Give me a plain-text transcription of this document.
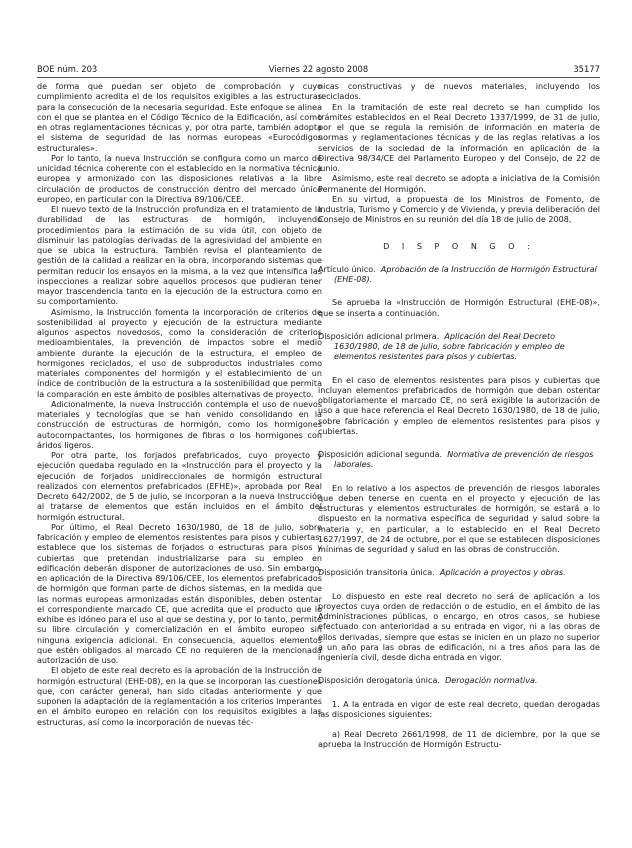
BOE núm. 203	Viernes 22 agosto 2008	35177

de forma que puedan ser objeto de comprobación y cuyo cumplimiento acredita el de los requisitos exigibles a las estructuras para la consecución de la necesaria seguridad. Este enfoque se alinea con el que se plantea en el Código Técnico de la Edificación, así como en otras reglamentaciones técnicas y, por otra parte, también adopta el sistema de seguridad de las normas europeas «Eurocódigos estructurales».

Por lo tanto, la nueva Instrucción se configura como un marco de unicidad técnica coherente con el establecido en la normativa técnica europea y armonizado con las disposiciones relativas a la libre circulación de productos de construcción dentro del mercado único europeo, en particular con la Directiva 89/106/CEE.

El nuevo texto de la Instrucción profundiza en el tratamiento de la durabilidad de las estructuras de hormigón, incluyendo procedimientos para la estimación de su vida útil, con objeto de disminuir las patologías derivadas de la agresividad del ambiente en que se ubica la estructura. También revisa el planteamiento de gestión de la calidad a realizar en la obra, incorporando sistemas que permitan reducir los ensayos en la misma, a la vez que intensifica las inspecciones a realizar sobre aquellos procesos que pudieran tener mayor trascendencia tanto en la ejecución de la estructura como en su comportamiento.

Asimismo, la Instrucción fomenta la incorporación de criterios de sostenibilidad al proyecto y ejecución de la estructura mediante algunos aspectos novedosos, como la consideración de criterios medioambientales, la prevención de impactos sobre el medio ambiente durante la ejecución de la estructura, el empleo de hormigones reciclados, el uso de subproductos industriales como materiales componentes del hormigón y el establecimiento de un índice de contribución de la estructura a la sostenibilidad que permita la comparación en este ámbito de posibles alternativas de proyecto.

Adicionalmente, la nueva Instrucción contempla el uso de nuevos materiales y tecnologías que se han venido consolidando en la construcción de estructuras de hormigón, como los hormigones autocompactantes, los hormigones de fibras o los hormigones con áridos ligeros.

Por otra parte, los forjados prefabricados, cuyo proyecto y ejecución quedaba regulado en la «Instrucción para el proyecto y la ejecución de forjados unidireccionales de hormigón estructural realizados con elementos prefabricados (EFHE)», aprobada por Real Decreto 642/2002, de 5 de julio, se incorporan a la nueva Instrucción al tratarse de elementos que están incluidos en el ámbito del hormigón estructural.

Por último, el Real Decreto 1630/1980, de 18 de julio, sobre fabricación y empleo de elementos resistentes para pisos y cubiertas, establece que los sistemas de forjados o estructuras para pisos y cubiertas que pretendan industrializarse para su empleo en edificación deberán disponer de autorizaciones de uso. Sin embargo, en aplicación de la Directiva 89/106/CEE, los elementos prefabricados de hormigón que forman parte de dichos sistemas, en la medida que las normas europeas armonizadas están disponibles, deben ostentar el correspondiente marcado CE, que acredita que el producto que lo exhibe es idóneo para el uso al que se destina y, por lo tanto, permite su libre circulación y comercialización en el ámbito europeo sin ninguna exigencia adicional. En consecuencia, aquellos elementos que estén obligados al marcado CE no requieren de la mencionada autorización de uso.

El objeto de este real decreto es la aprobación de la Instrucción de hormigón estructural (EHE-08), en la que se incorporan las cuestiones que, con carácter general, han sido citadas anteriormente y que suponen la adaptación de la reglamentación a los criterios imperantes en el ámbito europeo en relación con los requisitos exigibles a las estructuras, así como la incorporación de nuevas téc-

nicas constructivas y de nuevos materiales, incluyendo los reciclados.

En la tramitación de este real decreto se han cumplido los trámites establecidos en el Real Decreto 1337/1999, de 31 de julio, por el que se regula la remisión de información en materia de normas y reglamentaciones técnicas y de las reglas relativas a los servicios de la sociedad de la información en aplicación de la Directiva 98/34/CE del Parlamento Europeo y del Consejo, de 22 de junio.

Asimismo, este real decreto se adopta a iniciativa de la Comisión Permanente del Hormigón.

En su virtud, a propuesta de los Ministros de Fomento, de Industria, Turismo y Comercio y de Vivienda, y previa deliberación del Consejo de Ministros en su reunión del día 18 de julio de 2008,

D I S P O N G O :

Artículo único. Aprobación de la Instrucción de Hormigón Estructural (EHE-08).

Se aprueba la «Instrucción de Hormigón Estructural (EHE-08)», que se inserta a continuación.

Disposición adicional primera. Aplicación del Real Decreto 1630/1980, de 18 de julio, sobre fabricación y empleo de elementos resistentes para pisos y cubiertas.

En el caso de elementos resistentes para pisos y cubiertas que incluyan elementos prefabricados de hormigón que deban ostentar obligatoriamente el marcado CE, no será exigible la autorización de uso a que hace referencia el Real Decreto 1630/1980, de 18 de julio, sobre fabricación y empleo de elementos resistentes para pisos y cubiertas.

Disposición adicional segunda. Normativa de prevención de riesgos laborales.

En lo relativo a los aspectos de prevención de riesgos laborales que deben tenerse en cuenta en el proyecto y ejecución de las estructuras y elementos estructurales de hormigón, se estará a lo dispuesto en la normativa específica de seguridad y salud sobre la materia y, en particular, a lo establecido en el Real Decreto 1627/1997, de 24 de octubre, por el que se establecen disposiciones mínimas de seguridad y salud en las obras de construcción.

Disposición transitoria única. Aplicación a proyectos y obras.

Lo dispuesto en este real decreto no será de aplicación a los proyectos cuya orden de redacción o de estudio, en el ámbito de las Administraciones públicas, o encargo, en otros casos, se hubiese efectuado con anterioridad a su entrada en vigor, ni a las obras de ellos derivadas, siempre que estas se inicien en un plazo no superior a un año para las obras de edificación, ni a tres años para las de ingeniería civil, desde dicha entrada en vigor.

Disposición derogatoria única. Derogación normativa.

1. A la entrada en vigor de este real decreto, quedan derogadas las disposiciones siguientes:

a) Real Decreto 2661/1998, de 11 de diciembre, por la que se aprueba la Instrucción de Hormigón Estructu-
